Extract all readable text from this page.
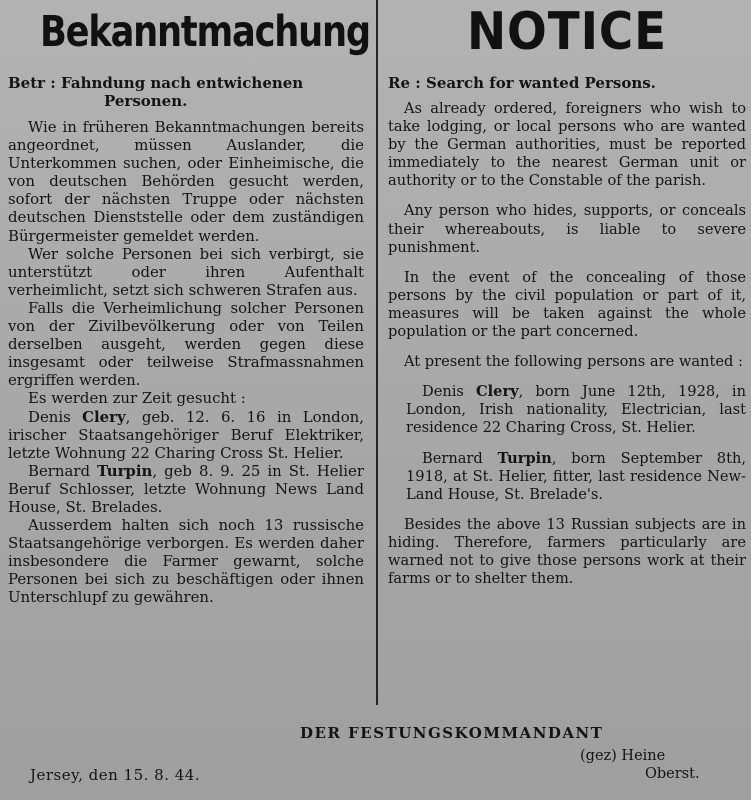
Bekanntmachung
Betr : Fahndung nach entwichenen
Personen.

Wie in früheren Bekanntmachungen bereits angeordnet, müssen Auslander, die Unterkommen suchen, oder Einheimische, die von deutschen Behörden gesucht werden, sofort der nächsten Truppe oder nächsten deutschen Dienststelle oder dem zuständigen Bürgermeister gemeldet werden.

Wer solche Personen bei sich verbirgt, sie unterstützt oder ihren Aufenthalt verheimlicht, setzt sich schweren Strafen aus.

Falls die Verheimlichung solcher Personen von der Zivilbevölkerung oder von Teilen derselben ausgeht, werden gegen diese insgesamt oder teilweise Strafmassnahmen ergriffen werden.

Es werden zur Zeit gesucht :

Denis Clery, geb. 12. 6. 16 in London, irischer Staatsangehöriger Beruf Elektriker, letzte Wohnung 22 Charing Cross St. Helier.

Bernard Turpin, geb 8. 9. 25 in St. Helier Beruf Schlosser, letzte Wohnung News Land House, St. Brelades.

Ausserdem halten sich noch 13 russische Staatsangehörige verborgen. Es werden daher insbesondere die Farmer gewarnt, solche Personen bei sich zu beschäftigen oder ihnen Unterschlupf zu gewähren.

NOTICE
Re : Search for wanted Persons.

As already ordered, foreigners who wish to take lodging, or local persons who are wanted by the German authorities, must be reported immediately to the nearest German unit or authority or to the Constable of the parish.

Any person who hides, supports, or conceals their whereabouts, is liable to severe punishment.

In the event of the concealing of those persons by the civil population or part of it, measures will be taken against the whole population or the part concerned.

At present the following persons are wanted :

Denis Clery, born June 12th, 1928, in London, Irish nationality, Electrician, last residence 22 Charing Cross, St. Helier.

Bernard Turpin, born September 8th, 1918, at St. Helier, fitter, last residence New-Land House, St. Brelade's.

Besides the above 13 Russian subjects are in hiding. Therefore, farmers particularly are warned not to give those persons work at their farms or to shelter them.

DER FESTUNGSKOMMANDANT
(gez) Heine
Oberst.
Jersey, den 15. 8. 44.
